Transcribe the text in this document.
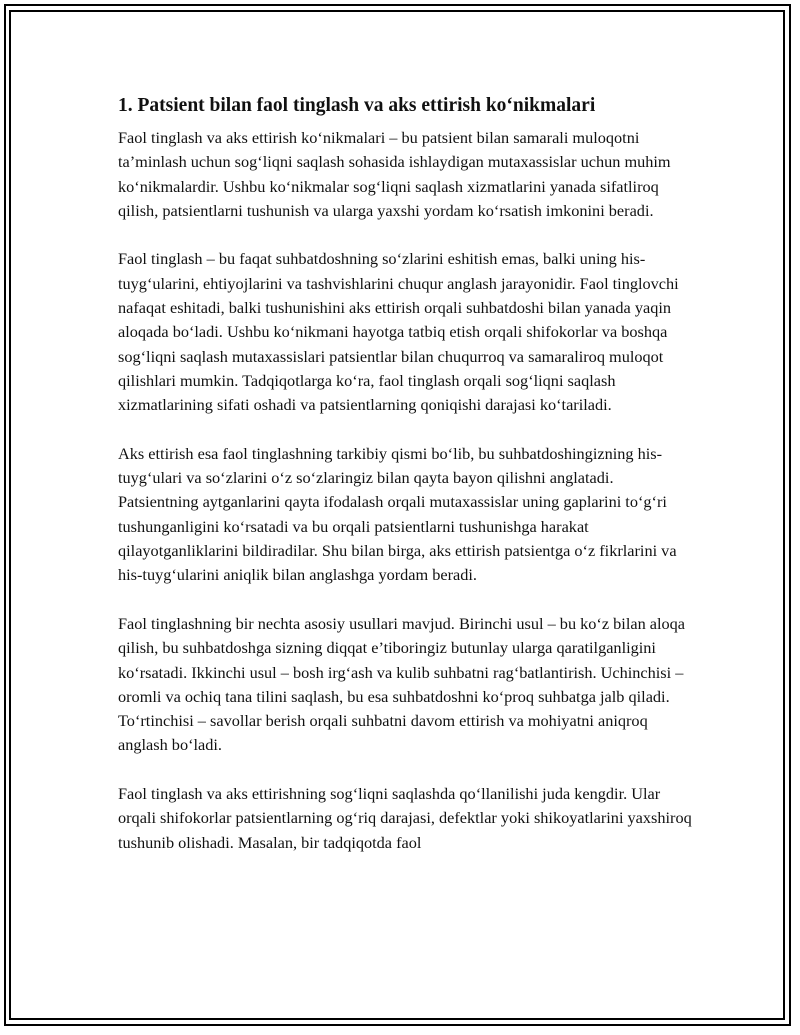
1. Patsient bilan faol tinglash va aks ettirish ko‘nikmalari

Faol tinglash va aks ettirish ko‘nikmalari – bu patsient bilan samarali muloqotni ta’minlash uchun sog‘liqni saqlash sohasida ishlaydigan mutaxassislar uchun muhim ko‘nikmalardir. Ushbu ko‘nikmalar sog‘liqni saqlash xizmatlarini yanada sifatliroq qilish, patsientlarni tushunish va ularga yaxshi yordam ko‘rsatish imkonini beradi.

Faol tinglash – bu faqat suhbatdoshning so‘zlarini eshitish emas, balki uning his-tuyg‘ularini, ehtiyojlarini va tashvishlarini chuqur anglash jarayonidir. Faol tinglovchi nafaqat eshitadi, balki tushunishini aks ettirish orqali suhbatdoshi bilan yanada yaqin aloqada bo‘ladi. Ushbu ko‘nikmani hayotga tatbiq etish orqali shifokorlar va boshqa sog‘liqni saqlash mutaxassislari patsientlar bilan chuqurroq va samaraliroq muloqot qilishlari mumkin. Tadqiqotlarga ko‘ra, faol tinglash orqali sog‘liqni saqlash xizmatlarining sifati oshadi va patsientlarning qoniqishi darajasi ko‘tariladi.

Aks ettirish esa faol tinglashning tarkibiy qismi bo‘lib, bu suhbatdoshingizning his-tuyg‘ulari va so‘zlarini o‘z so‘zlaringiz bilan qayta bayon qilishni anglatadi. Patsientning aytganlarini qayta ifodalash orqali mutaxassislar uning gaplarini to‘g‘ri tushunganligini ko‘rsatadi va bu orqali patsientlarni tushunishga harakat qilayotganliklarini bildiradilar. Shu bilan birga, aks ettirish patsientga o‘z fikrlarini va his-tuyg‘ularini aniqlik bilan anglashga yordam beradi.

Faol tinglashning bir nechta asosiy usullari mavjud. Birinchi usul – bu ko‘z bilan aloqa qilish, bu suhbatdoshga sizning diqqat e’tiboringiz butunlay ularga qaratilganligini ko‘rsatadi. Ikkinchi usul – bosh irg‘ash va kulib suhbatni rag‘batlantirish. Uchinchisi – oromli va ochiq tana tilini saqlash, bu esa suhbatdoshni ko‘proq suhbatga jalb qiladi. To‘rtinchisi – savollar berish orqali suhbatni davom ettirish va mohiyatni aniqroq anglash bo‘ladi.

Faol tinglash va aks ettirishning sog‘liqni saqlashda qo‘llanilishi juda kengdir. Ular orqali shifokorlar patsientlarning og‘riq darajasi, defektlar yoki shikoyatlarini yaxshiroq tushunib olishadi. Masalan, bir tadqiqotda faol
